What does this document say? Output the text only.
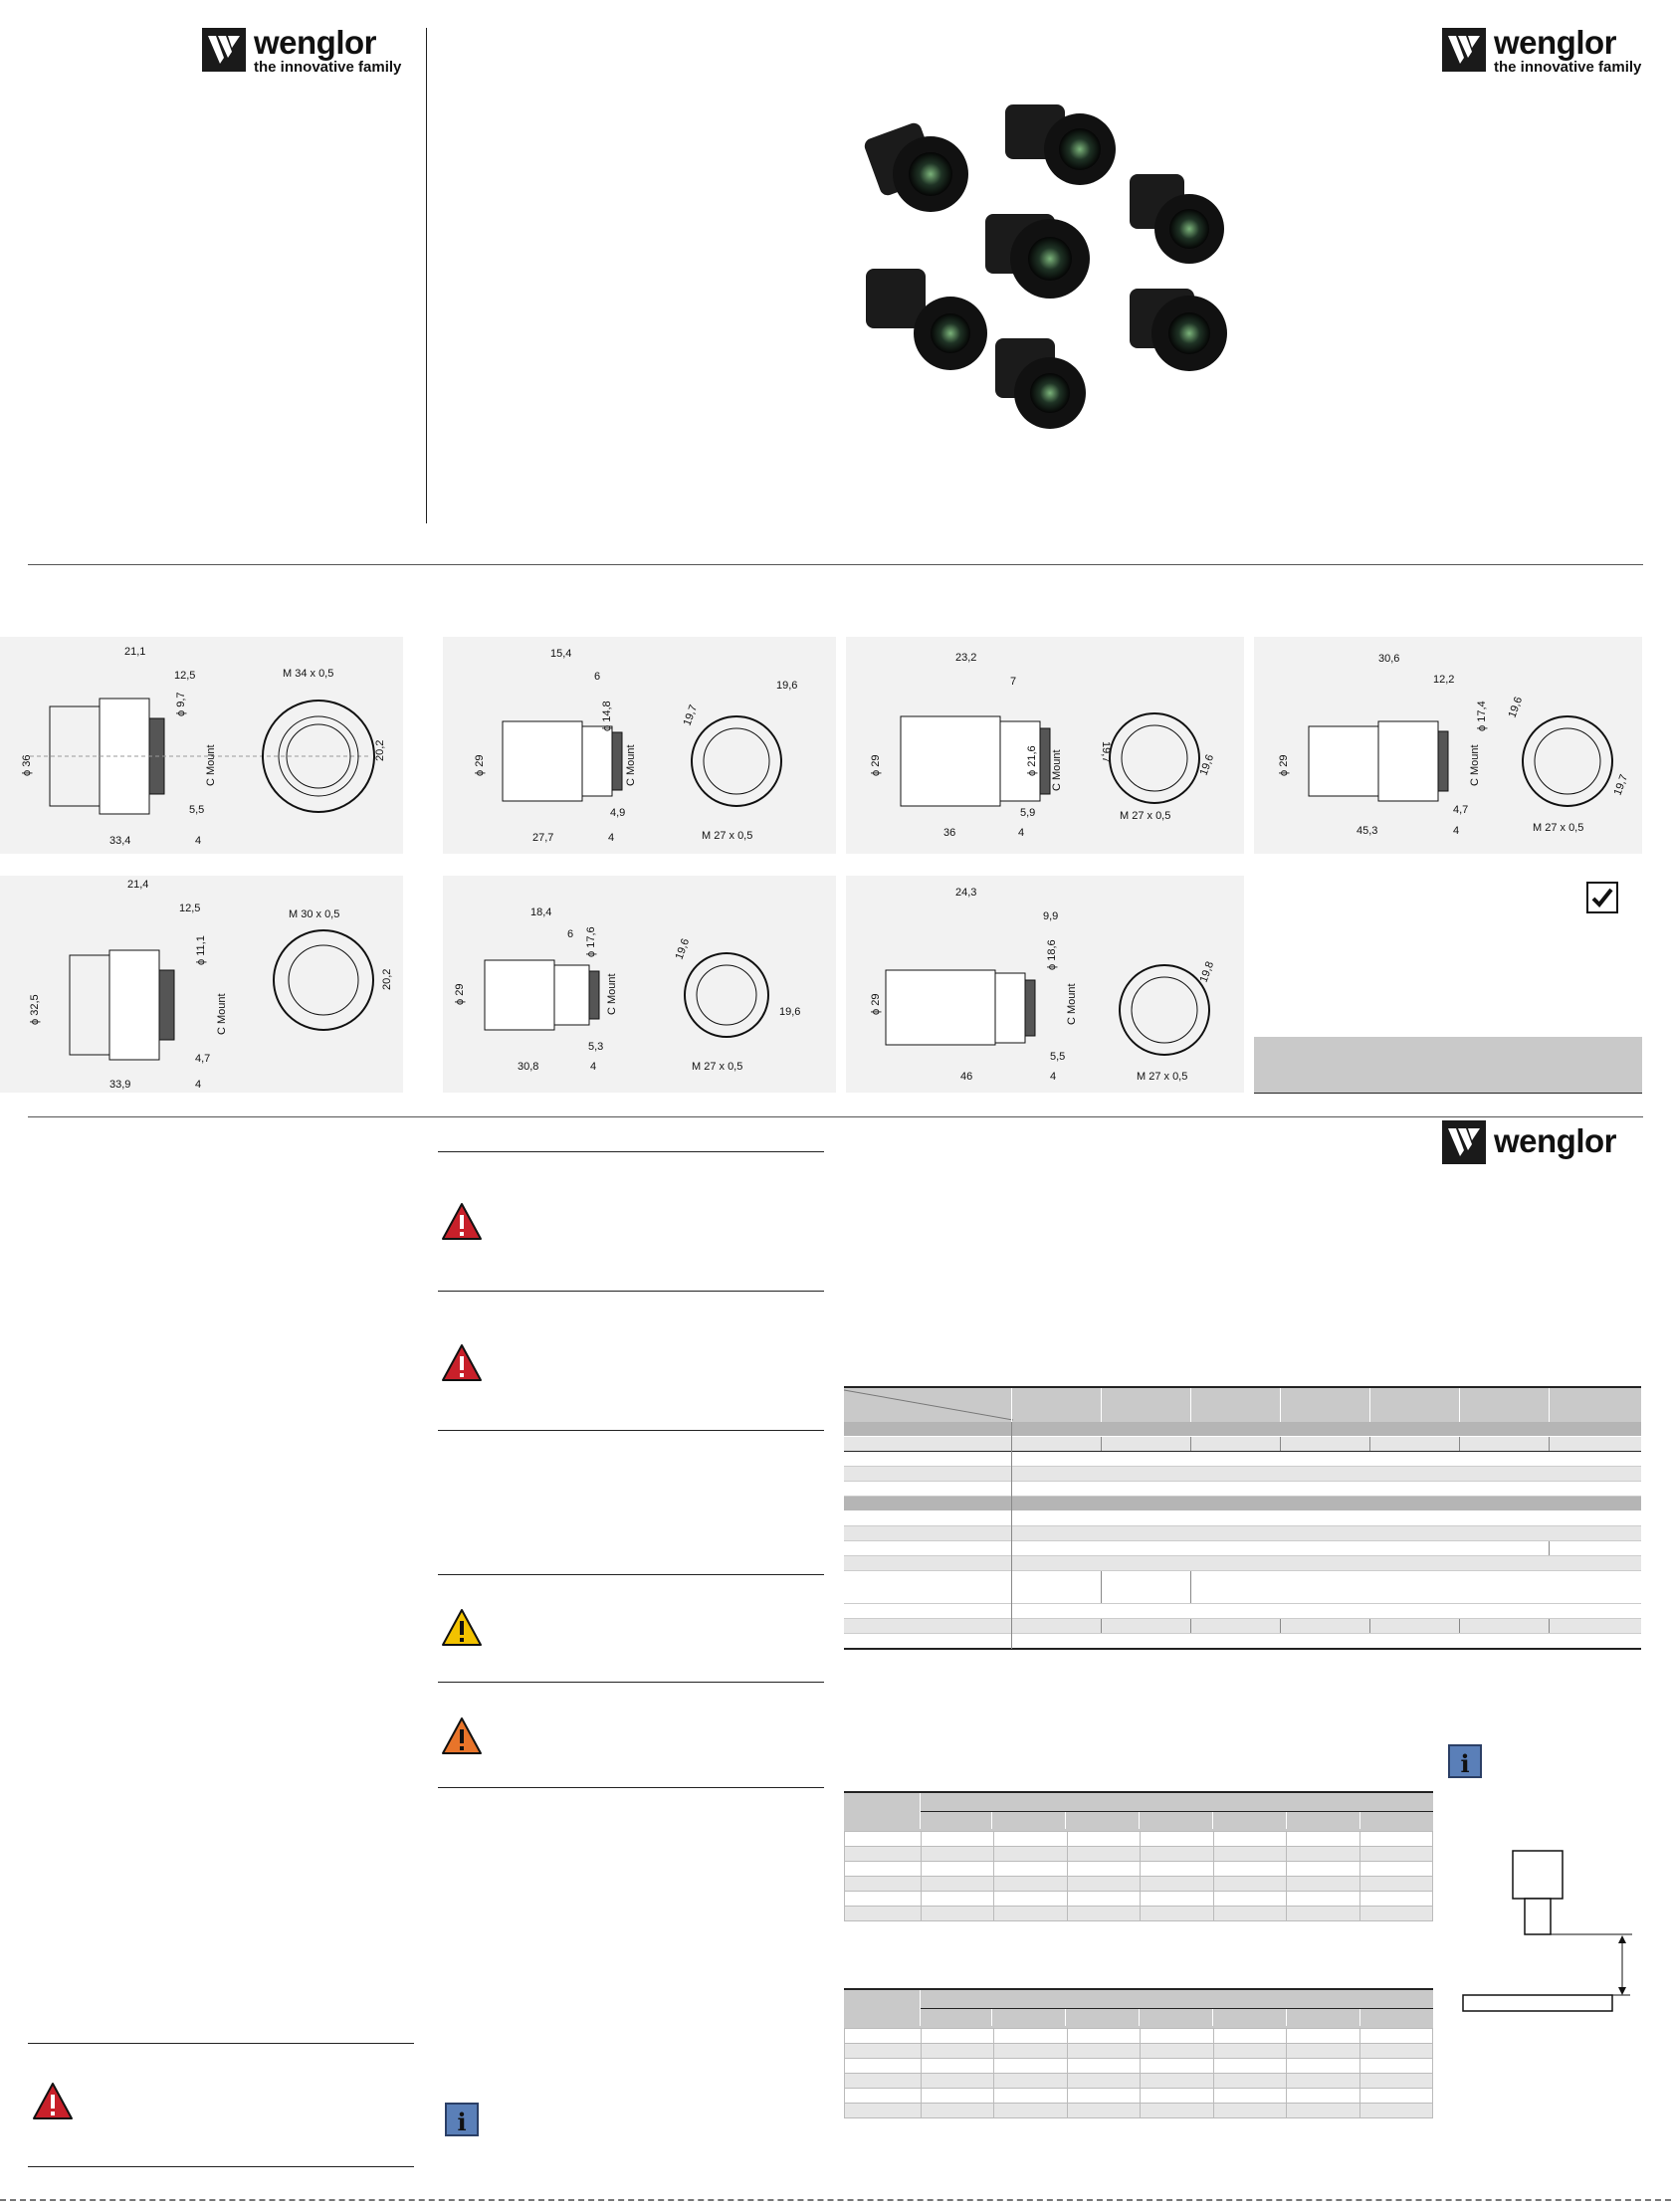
wenglor
the innovative family
wenglor
the innovative family
21,1
12,5
ϕ 9,7
ϕ 36	C Mount
5,5
33,4	4
M 34 x 0,5
20,2
15,4
6
ϕ 14,8
ϕ 29	C Mount
4,9
27,7	4	M 27 x 0,5
19,7
19,6
23,2
7
ϕ 21,6
ϕ 29	C Mount
5,9
36	4
M 27 x 0,5
19,7
19,6
30,6
12,2
ϕ 17,4
ϕ 29	C Mount
4,7
45,3	4	M 27 x 0,5
19,6
19,7
21,4
12,5
ϕ 11,1
ϕ 32,5	C Mount
4,7
33,9	4
M 30 x 0,5
20,2
18,4
6 ϕ 17,6
ϕ 29	C Mount
5,3
30,8	4	M 27 x 0,5
19,6
19,6
24,3
9,9
ϕ 18,6
ϕ 29	C Mount
5,5
46	4	M 27 x 0,5
19,8
wenglor
i

i
